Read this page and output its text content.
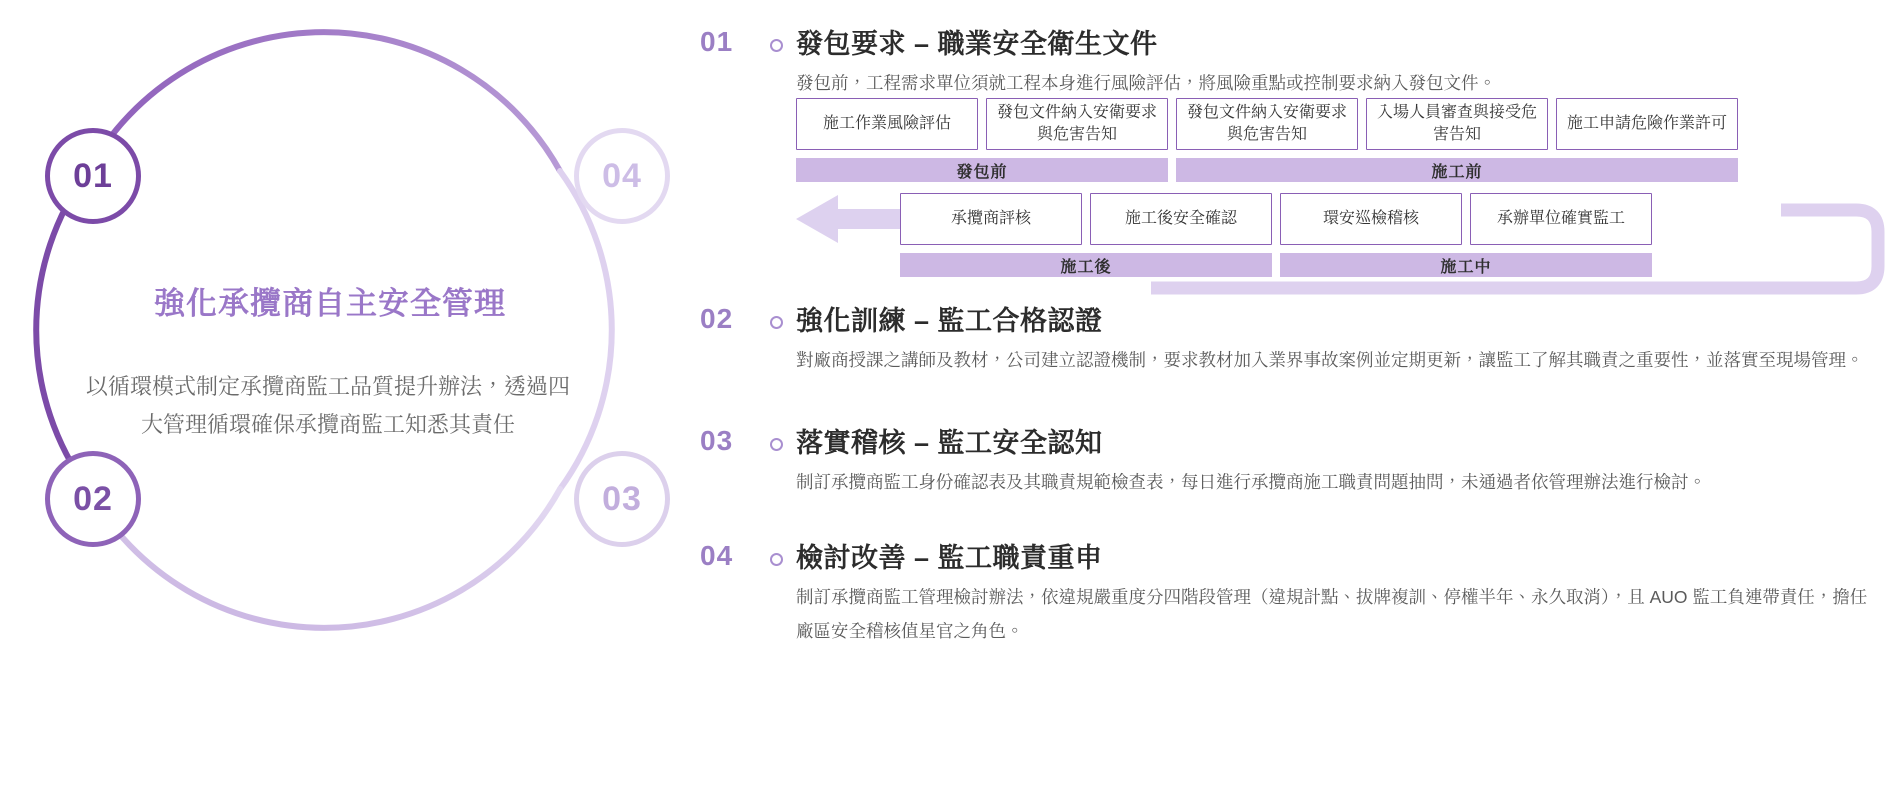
01
02	03
04
強化承攬商自主安全管理
以循環模式制定承攬商監工品質提升辦法，透過四大管理循環確保承攬商監工知悉其責任
01	發包要求 – 職業安全衛生文件
發包前，工程需求單位須就工程本身進行風險評估，將風險重點或控制要求納入發包文件。
施工作業風險評估
發包文件納入安衛要求與危害告知
發包文件納入安衛要求與危害告知
入場人員審查與接受危害告知
施工申請危險作業許可
發包前	施工前
承攬商評核	施工後安全確認	環安巡檢稽核	承辦單位確實監工
施工後	施工中
02	強化訓練 – 監工合格認證
對廠商授課之講師及教材，公司建立認證機制，要求教材加入業界事故案例並定期更新，讓監工了解其職責之重要性，並落實至現場管理。
03	落實稽核 – 監工安全認知
制訂承攬商監工身份確認表及其職責規範檢查表，每日進行承攬商施工職責問題抽問，未通過者依管理辦法進行檢討。
04	檢討改善 – 監工職責重申
制訂承攬商監工管理檢討辦法，依違規嚴重度分四階段管理（違規計點、拔牌複訓、停權半年、永久取消），且 AUO 監工負連帶責任，擔任廠區安全稽核值星官之角色。
